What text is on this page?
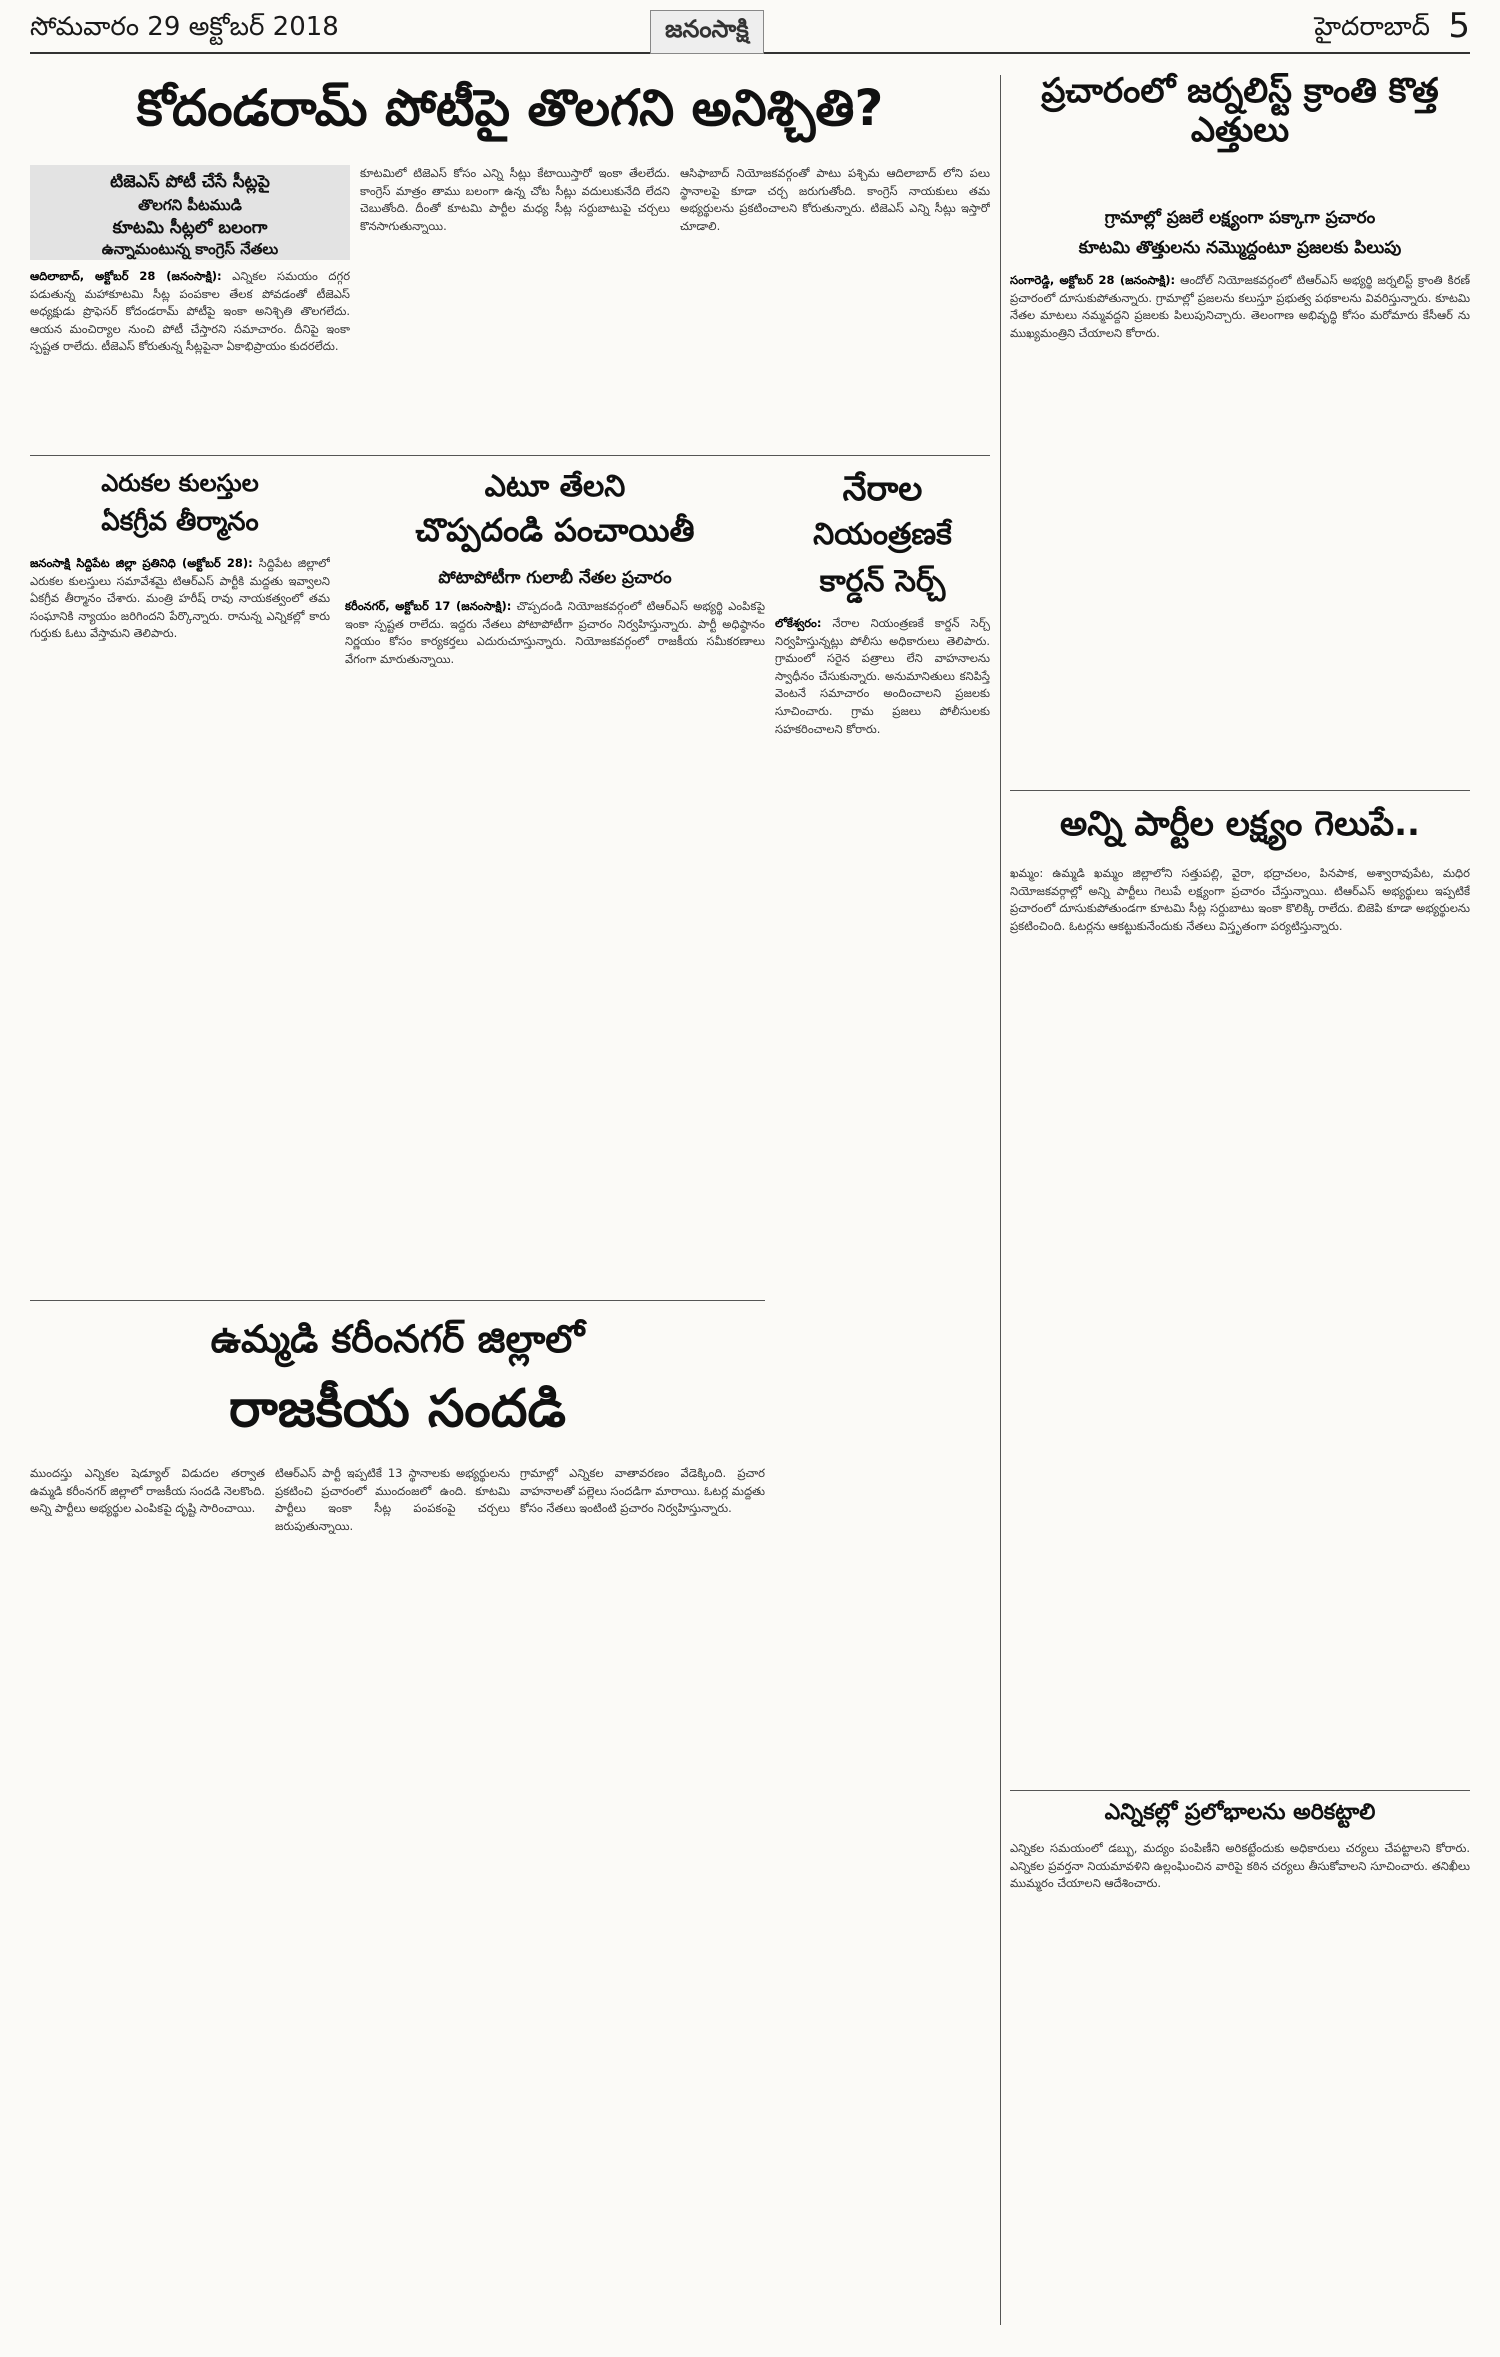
సోమవారం 29 అక్టోబర్ 2018	జనంసాక్షి	హైదరాబాద్ 5
కోదండరామ్ పోటీపై తొలగని అనిశ్చితి?
టిజెఎస్ పోటీ చేసే సీట్లపై
తొలగని పీటముడి
కూటమి సీట్లలో బలంగా
ఉన్నామంటున్న కాంగ్రెస్ నేతలు
ఆదిలాబాద్, అక్టోబర్ 28 (జనంసాక్షి): ఎన్నికల సమయం దగ్గర పడుతున్న మహాకూటమి సీట్ల పంపకాల తేలక పోవడంతో టీజెఎస్ అధ్యక్షుడు ప్రొఫెసర్ కోదండరామ్ పోటీపై ఇంకా అనిశ్చితి తొలగలేదు. ఆయన మంచిర్యాల నుంచి పోటీ చేస్తారని సమాచారం. దీనిపై ఇంకా స్పష్టత రాలేదు. టీజెఎస్ కోరుతున్న సీట్లపైనా ఏకాభిప్రాయం కుదరలేదు.
కూటమిలో టిజెఎస్ కోసం ఎన్ని సీట్లు కేటాయిస్తారో ఇంకా తేలలేదు. కాంగ్రెస్ మాత్రం తాము బలంగా ఉన్న చోట సీట్లు వదులుకునేది లేదని చెబుతోంది. దీంతో కూటమి పార్టీల మధ్య సీట్ల సర్దుబాటుపై చర్చలు కొనసాగుతున్నాయి.
ఆసిఫాబాద్ నియోజకవర్గంతో పాటు పశ్చిమ ఆదిలాబాద్ లోని పలు స్థానాలపై కూడా చర్చ జరుగుతోంది. కాంగ్రెస్ నాయకులు తమ అభ్యర్థులను ప్రకటించాలని కోరుతున్నారు. టిజెఎస్ ఎన్ని సీట్లు ఇస్తారో చూడాలి.
ప్రచారంలో జర్నలిస్ట్ క్రాంతి కొత్త ఎత్తులు
గ్రామాల్లో ప్రజలే లక్ష్యంగా పక్కాగా ప్రచారం
కూటమి తొత్తులను నమ్మొద్దంటూ ప్రజలకు పిలుపు
సంగారెడ్డి, అక్టోబర్ 28 (జనంసాక్షి): ఆందోల్ నియోజకవర్గంలో టిఆర్ఎస్ అభ్యర్థి జర్నలిస్ట్ క్రాంతి కిరణ్ ప్రచారంలో దూసుకుపోతున్నారు. గ్రామాల్లో ప్రజలను కలుస్తూ ప్రభుత్వ పథకాలను వివరిస్తున్నారు. కూటమి నేతల మాటలు నమ్మవద్దని ప్రజలకు పిలుపునిచ్చారు. తెలంగాణ అభివృద్ధి కోసం మరోమారు కేసీఆర్ ను ముఖ్యమంత్రిని చేయాలని కోరారు.
ఎరుకల కులస్తుల
ఏకగ్రీవ తీర్మానం
జనంసాక్షి సిద్దిపేట జిల్లా ప్రతినిధి (అక్టోబర్ 28): సిద్దిపేట జిల్లాలో ఎరుకల కులస్తులు సమావేశమై టిఆర్ఎస్ పార్టీకి మద్దతు ఇవ్వాలని ఏకగ్రీవ తీర్మానం చేశారు. మంత్రి హరీష్ రావు నాయకత్వంలో తమ సంఘానికి న్యాయం జరిగిందని పేర్కొన్నారు. రానున్న ఎన్నికల్లో కారు గుర్తుకు ఓటు వేస్తామని తెలిపారు.
ఎటూ తేలని
చొప్పదండి పంచాయితీ
పోటాపోటీగా గులాబీ నేతల ప్రచారం
కరీంనగర్, అక్టోబర్ 17 (జనంసాక్షి): చొప్పదండి నియోజకవర్గంలో టిఆర్ఎస్ అభ్యర్థి ఎంపికపై ఇంకా స్పష్టత రాలేదు. ఇద్దరు నేతలు పోటాపోటీగా ప్రచారం నిర్వహిస్తున్నారు. పార్టీ అధిష్ఠానం నిర్ణయం కోసం కార్యకర్తలు ఎదురుచూస్తున్నారు. నియోజకవర్గంలో రాజకీయ సమీకరణాలు వేగంగా మారుతున్నాయి.
నేరాల
నియంత్రణకే
కార్డన్ సెర్చ్
లోకేశ్వరం: నేరాల నియంత్రణకే కార్డన్ సెర్చ్ నిర్వహిస్తున్నట్లు పోలీసు అధికారులు తెలిపారు. గ్రామంలో సరైన పత్రాలు లేని వాహనాలను స్వాధీనం చేసుకున్నారు. అనుమానితులు కనిపిస్తే వెంటనే సమాచారం అందించాలని ప్రజలకు సూచించారు. గ్రామ ప్రజలు పోలీసులకు సహకరించాలని కోరారు.
అన్ని పార్టీల లక్ష్యం గెలుపే..
ఖమ్మం: ఉమ్మడి ఖమ్మం జిల్లాలోని సత్తుపల్లి, వైరా, భద్రాచలం, పినపాక, అశ్వారావుపేట, మధిర నియోజకవర్గాల్లో అన్ని పార్టీలు గెలుపే లక్ష్యంగా ప్రచారం చేస్తున్నాయి. టిఆర్ఎస్ అభ్యర్థులు ఇప్పటికే ప్రచారంలో దూసుకుపోతుండగా కూటమి సీట్ల సర్దుబాటు ఇంకా కొలిక్కి రాలేదు. బిజెపి కూడా అభ్యర్థులను ప్రకటించింది. ఓటర్లను ఆకట్టుకునేందుకు నేతలు విస్తృతంగా పర్యటిస్తున్నారు.
ఉమ్మడి కరీంనగర్ జిల్లాలో
రాజకీయ సందడి
ముందస్తు ఎన్నికల షెడ్యూల్ విడుదల తర్వాత ఉమ్మడి కరీంనగర్ జిల్లాలో రాజకీయ సందడి నెలకొంది. అన్ని పార్టీలు అభ్యర్థుల ఎంపికపై దృష్టి సారించాయి.
టిఆర్ఎస్ పార్టీ ఇప్పటికే 13 స్థానాలకు అభ్యర్థులను ప్రకటించి ప్రచారంలో ముందంజలో ఉంది. కూటమి పార్టీలు ఇంకా సీట్ల పంపకంపై చర్చలు జరుపుతున్నాయి.
గ్రామాల్లో ఎన్నికల వాతావరణం వేడెక్కింది. ప్రచార వాహనాలతో పల్లెలు సందడిగా మారాయి. ఓటర్ల మద్దతు కోసం నేతలు ఇంటింటి ప్రచారం నిర్వహిస్తున్నారు.
ఎన్నికల్లో ప్రలోభాలను అరికట్టాలి
ఎన్నికల సమయంలో డబ్బు, మద్యం పంపిణీని అరికట్టేందుకు అధికారులు చర్యలు చేపట్టాలని కోరారు. ఎన్నికల ప్రవర్తనా నియమావళిని ఉల్లంఘించిన వారిపై కఠిన చర్యలు తీసుకోవాలని సూచించారు. తనిఖీలు ముమ్మరం చేయాలని ఆదేశించారు.
